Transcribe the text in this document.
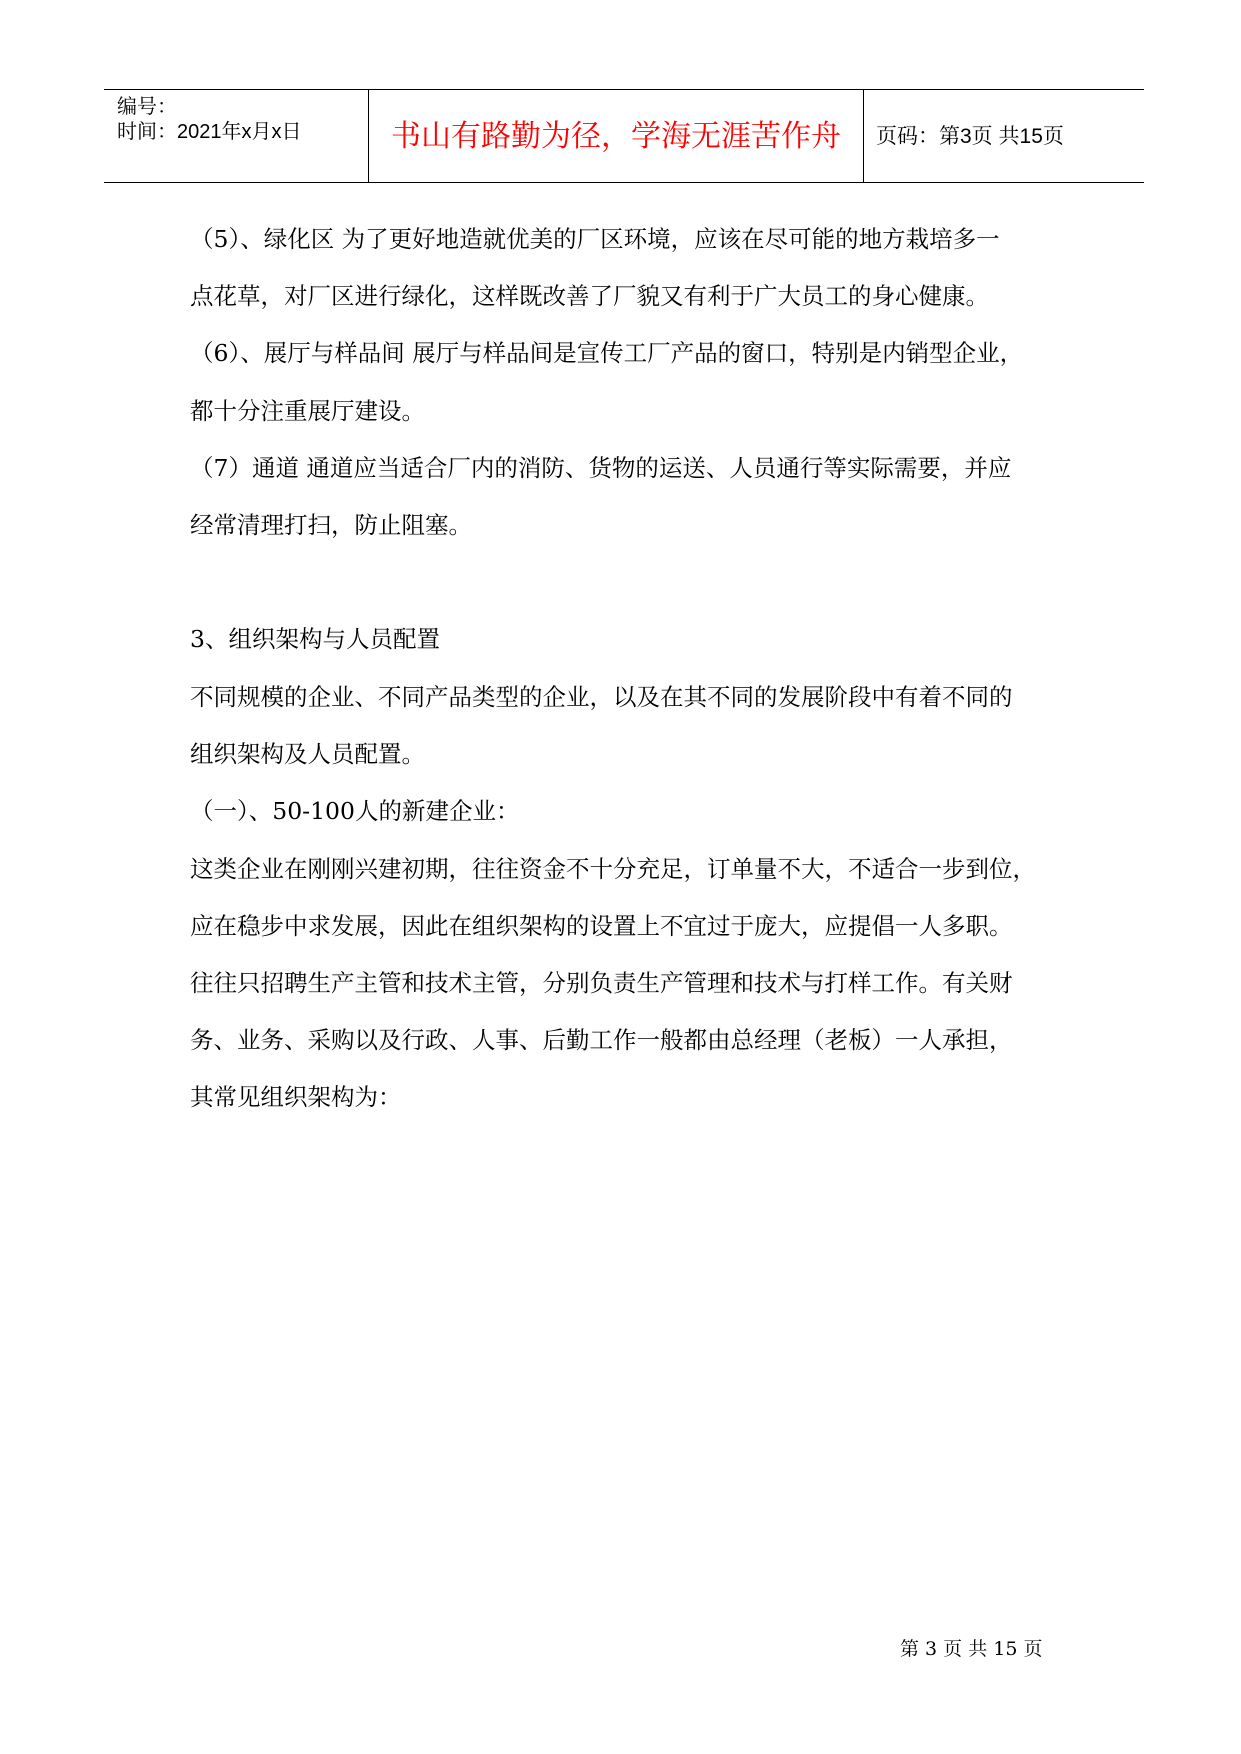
编号：
时间：2021年x月x日	书山有路勤为径，学海无涯苦作舟	页码：第3页 共15页
（5）、绿化区 为了更好地造就优美的厂区环境，应该在尽可能的地方栽培多一
点花草，对厂区进行绿化，这样既改善了厂貌又有利于广大员工的身心健康。
（6）、展厅与样品间 展厅与样品间是宣传工厂产品的窗口，特别是内销型企业，
都十分注重展厅建设。
（7）通道 通道应当适合厂内的消防、货物的运送、人员通行等实际需要，并应
经常清理打扫，防止阻塞。
3、组织架构与人员配置
不同规模的企业、不同产品类型的企业，以及在其不同的发展阶段中有着不同的
组织架构及人员配置。
（一）、50-100人的新建企业：
这类企业在刚刚兴建初期，往往资金不十分充足，订单量不大，不适合一步到位，
应在稳步中求发展，因此在组织架构的设置上不宜过于庞大，应提倡一人多职。
往往只招聘生产主管和技术主管，分别负责生产管理和技术与打样工作。有关财
务、业务、采购以及行政、人事、后勤工作一般都由总经理（老板）一人承担，
其常见组织架构为：
第 3 页 共 15 页
